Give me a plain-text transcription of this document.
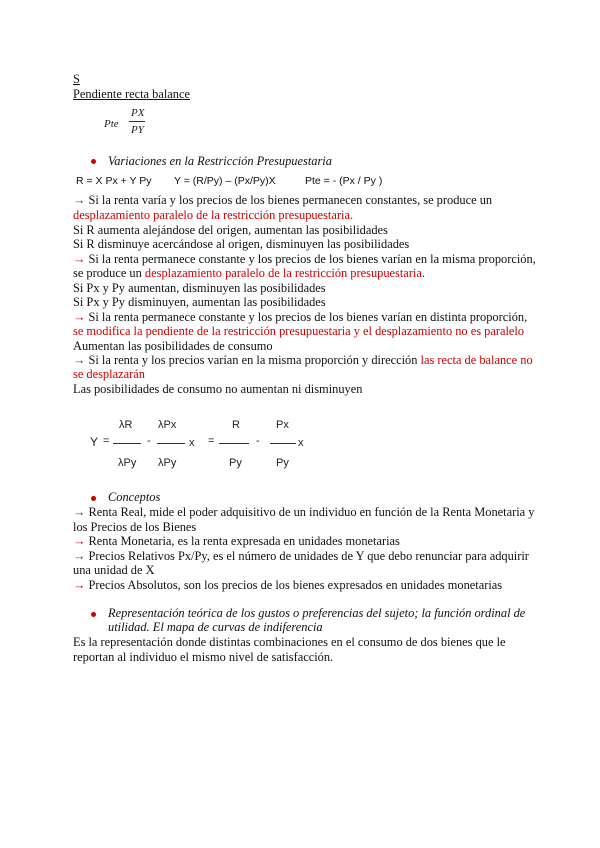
S
Pendiente recta balance
Pte
PX
PY
Variaciones en la Restricción Presupuestaria
R = X Px + Y Py Y = (R/Py) – (Px/Py)X	Pte = - (Px / Py )
→ Si la renta varía y los precios de los bienes permanecen constantes, se produce un
desplazamiento paralelo de la restricción presupuestaria.
Si R aumenta alejándose del origen, aumentan las posibilidades
Si R disminuye acercándose al origen, disminuyen las posibilidades
→ Si la renta permanece constante y los precios de los bienes varían en la misma proporción,
se produce un desplazamiento paralelo de la restricción presupuestaria.
Si Px y Py aumentan, disminuyen las posibilidades
Si Px y Py disminuyen, aumentan las posibilidades
→ Si la renta permanece constante y los precios de los bienes varían en distinta proporción,
se modifica la pendiente de la restricción presupuestaria y el desplazamiento no es paralelo
Aumentan las posibilidades de consumo
→ Si la renta y los precios varían en la misma proporción y dirección las recta de balance no
se desplazarán
Las posibilidades de consumo no aumentan ni disminuyen
Y =
λR
λPy
-
λPx
λPy
x =
R
Py
-
Px
Py
x
Conceptos
→ Renta Real, mide el poder adquisitivo de un individuo en función de la Renta Monetaria y
los Precios de los Bienes
→ Renta Monetaria, es la renta expresada en unidades monetarias
→ Precios Relativos Px/Py, es el número de unidades de Y que debo renunciar para adquirir
una unidad de X
→ Precios Absolutos, son los precios de los bienes expresados en unidades monetarias
Representación teórica de los gustos o preferencias del sujeto; la función ordinal de
utilidad. El mapa de curvas de indiferencia
Es la representación donde distintas combinaciones en el consumo de dos bienes que le
reportan al individuo el mismo nivel de satisfacción.
